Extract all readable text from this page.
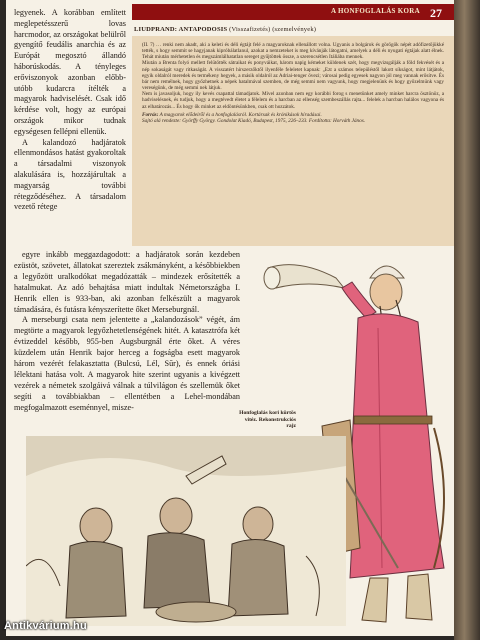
A HONFOGLALÁS KORA 27

legyenek. A korábban említett meglepetésszerű lovas harcmodor, az országokat belülről gyengítő feudális anarchia és az Európát megosztó állandó háborúskodás. A tényleges erőviszonyok azonban előbb-utóbb kudarcra ítélték a magyarok hadviselését. Csak idő kérdése volt, hogy az európai országok mikor tudnak egységesen fellépni ellenük.

A kalandozó hadjáratok ellenmondásos hatást gyakoroltak a társadalmi viszonyok alakulására is, hozzájárultak a magyarság további rétegződéséhez. A társadalom vezető rétege

LIUDPRAND: ANTAPODOSIS (Visszafizetés) (szemelvények)

(II. 7) … renki nem akadt, aki a keleti és déli égtájt felé a magyaroknak ellenállott volna. Ugyanis a bolgárok és görögök népét adófizetőjükké tették, s hogy semmit se hagyjanak kipróbálatlanul, azokat a nemzeteket is meg kívánják látogatni, amelyek a déli és nyugati égtájak alatt élnek. Tehát miután mérhetetlen és megszámlálhatatlan sereget gyűjtöttek össze, a szerencsétlen Itáliába mennek.

Miután a Brenta folyó mellett felütötték sátraikat és ponyváikat, három napig kémeket küldenek szét, hogy megvizsgálják a föld fekvését és a nép sokaságát vagy ritkaságát. A visszatért hírszerzőktől ilyenféle feleletet kapnak: „Ezt a számos településtől lakott síkságot, mint látjátok, egyik oldalról meredek és termékeny hegyek, a másik oldalról az Adriai-tenger övezi; városai pedig egyesek nagyon jól meg vannak erősítve. És bár nem remélnek, hogy győzhetnek a népek hatalmával szemben, de még semmi nem vagyunk, hogy megjelenünk és hogy győzelmünk vagy vereségünk, de még semmi nek látjuk.

Nem is javasoljuk, hogy ily kevés csapattal támadjatok. Mivel azonban nem egy korábbi forog s menetünket amely minket harcra ösztönöz, a hadviselésnek, és tudjuk, hogy a megtévedt életet a félelem és a harcban az ellenség szembeszállás rajta... felelek a harcban halálos vagyona és az elhatározás... És hogy ők minket az eldöntésünkben, csak ott hozzátok.

Forrás: A magyarok elődeiről és a honfoglalásról. Kortársak és krónikások híradásai.
Sajtó alá rendezte: Györffy György. Gondolat Kiadó, Budapest, 1975, 226–233. Fordította: Horváth János.

egyre inkább meggazdagodott: a hadjáratok során kezdeben ezüstöt, szövetet, állatokat szereztek zsákmányként, a későbbiekben a legyőzött uralkodókat megadózatták – mindezek erősítették a hatalmukat. Az adó behajtása miatt indultak Németországba I. Henrik ellen is 933-ban, aki azonban felkészült a magyarok támadására, és futásra kényszerítette őket Merseburgnál.

A merseburgi csata nem jelentette a „kalandozások” végét, ám megtörte a magyarok legyőzhetetlenségének hitét. A katasztrófa két évtizeddel később, 955-ben Augsburgnál érte őket. A véres küzdelem után Henrik bajor herceg a fogságba esett magyarok három vezérét felakasztatta (Bulcsú, Lél, Sūr), és ennek óriási lélektani hatása volt. A magyarok hite szerint ugyanis a kivégzett vezérek a németek szolgáivá válnak a túlvilágon és szellemük őket segíti a továbbiakban – ellentétben a Lehel-mondában megfogalmazott eseménnyel, misze-

Honfoglalás kori kürtös vitéz. Rekonstrukciós rajz
Antikvárium.hu
